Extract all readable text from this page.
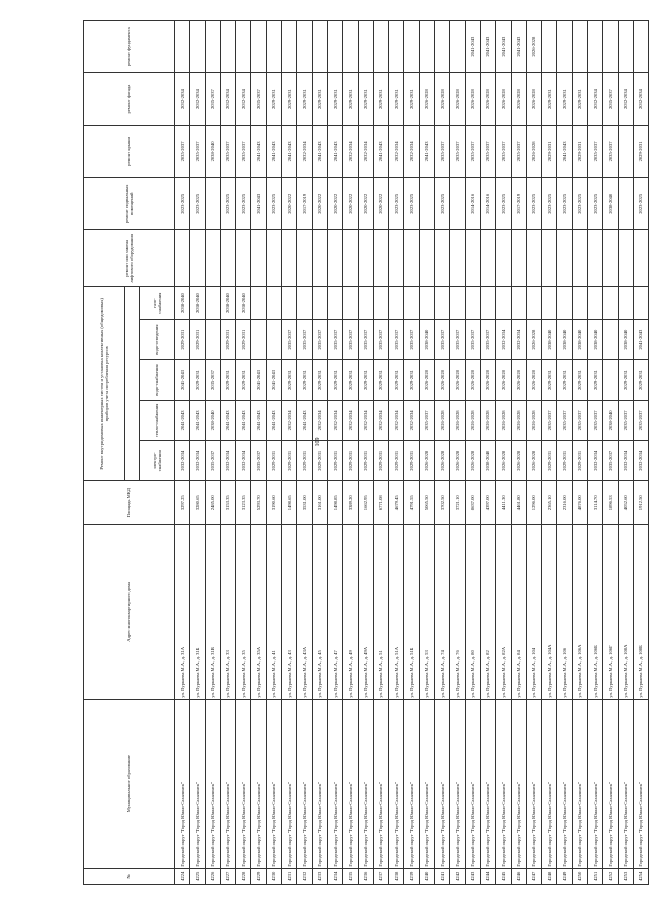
109
№	Муниципальное образование	Адрес многоквартирного дома	Площадь МКД	Ремонт внутридомовых инженерных систем и установка коллективных (общедомовых) приборов учета потребления ресурсов					ремонт или замена лифтового оборудования	ремонт подвальных помещений	ремонт крыши	ремонт фасада	ремонт фундамента

				электро-снабжения	тепло-снабжения	водо-снабжения	водо-отведения	газо-снабжения					
4224	Городской округ "Город Южно-Сахалинск"	ул. Пуркаева М.А., д. 31А	3297.25	2032-2034	2041-2043	2041-2043	2029-2031	2038-2040		2023-2025	2035-2037	2032-2034	
4225	Городской округ "Город Южно-Сахалинск"	ул. Пуркаева М.А., д. 31Б	3280.65	2032-2034	2041-2043	2029-2031	2029-2031	2038-2040		2023-2025	2035-2037	2032-2034	
4226	Городской округ "Город Южно-Сахалинск"	ул. Пуркаева М.А., д. 31В	2485.00	2035-2037	2038-2040	2035-2037					2038-2040	2035-2037	
4227	Городской округ "Город Южно-Сахалинск"	ул. Пуркаева М.А., д. 33	3153.35	2032-2034	2041-2043	2029-2031	2029-2031	2038-2040		2023-2025	2035-2037	2032-2034	
4228	Городской округ "Город Южно-Сахалинск"	ул. Пуркаева М.А., д. 35	3123.35	2032-2034	2041-2043	2029-2031	2029-2031	2038-2040		2023-2025	2035-2037	2032-2034	
4229	Городской округ "Город Южно-Сахалинск"	ул. Пуркаева М.А., д. 35А	5293.70	2035-2037	2041-2043	2041-2043				2041-2043	2041-2043	2035-2037	
4230	Городской округ "Город Южно-Сахалинск"	ул. Пуркаева М.А., д. 41	3190.60	2029-2031	2041-2043	2041-2043				2023-2025	2041-2043	2029-2031	
4231	Городской округ "Город Южно-Сахалинск"	ул. Пуркаева М.А., д. 43	1498.65	2029-2031	2032-2034	2029-2031	2035-2037			2020-2022	2041-2043	2029-2031	
4232	Городской округ "Город Южно-Сахалинск"	ул. Пуркаева М.А., д. 43А	3531.00	2029-2031	2041-2043	2029-2031	2035-2037			2017-2019	2032-2034	2029-2031	
4233	Городской округ "Город Южно-Сахалинск"	ул. Пуркаева М.А., д. 45	3161.00	2029-2031	2032-2034	2029-2031	2035-2037			2020-2022	2041-2043	2029-2031	
4234	Городской округ "Город Южно-Сахалинск"	ул. Пуркаева М.А., д. 47	1498.85	2029-2031	2032-2034	2029-2031	2035-2037			2020-2022	2041-2043	2029-2031	
4235	Городской округ "Город Южно-Сахалинск"	ул. Пуркаева М.А., д. 49	3389.20	2029-2031	2032-2034	2029-2031	2035-2037			2020-2022	2032-2034	2029-2031	
4236	Городской округ "Город Южно-Сахалинск"	ул. Пуркаева М.А., д. 49А	1662.95	2029-2031	2032-2034	2029-2031	2035-2037			2020-2022	2032-2034	2029-2031	
4237	Городской округ "Город Южно-Сахалинск"	ул. Пуркаева М.А., д. 51	6771.08	2029-2031	2032-2034	2029-2031	2035-2037			2020-2022	2041-2043	2029-2031	
4238	Городской округ "Город Южно-Сахалинск"	ул. Пуркаева М.А., д. 51А	4679.45	2029-2031	2032-2034	2029-2031	2035-2037			2023-2025	2032-2034	2029-2031	
4239	Городской округ "Город Южно-Сахалинск"	ул. Пуркаева М.А., д. 51Б	4791.55	2029-2031	2032-2034	2029-2031	2035-2037			2023-2025	2032-2034	2029-2031	
4240	Городской округ "Город Южно-Сахалинск"	ул. Пуркаева М.А., д. 53	5065.50	2026-2028	2035-2037	2026-2028	2038-2040				2041-2043	2026-2028	
4241	Городской округ "Город Южно-Сахалинск"	ул. Пуркаева М.А., д. 74	3702.50	2026-2028	2026-2028	2026-2028	2035-2037			2023-2025	2035-2037	2026-2028	
4242	Городской округ "Город Южно-Сахалинск"	ул. Пуркаева М.А., д. 76	3721.10	2026-2028	2026-2028	2026-2028	2035-2037				2035-2037	2026-2028	
4243	Городской округ "Город Южно-Сахалинск"	ул. Пуркаева М.А., д. 80	8637.00	2026-2028	2026-2028	2026-2028	2035-2037			2014-2016	2035-2037	2026-2028	2041-2043
4244	Городской округ "Город Южно-Сахалинск"	ул. Пуркаева М.А., д. 82	4397.00	2038-2040	2026-2028	2026-2028	2035-2037			2014-2016	2035-2037	2026-2028	2041-2043
4245	Городской округ "Город Южно-Сахалинск"	ул. Пуркаева М.А., д. 82А	4411.30	2026-2028	2026-2028	2026-2028	2032-2034			2023-2025	2035-2037	2026-2028	2041-2043
4246	Городской округ "Город Южно-Сахалинск"	ул. Пуркаева М.А., д. 84	4461.80	2026-2028	2026-2028	2026-2028	2032-2034			2017-2019	2035-2037	2026-2028	2041-2043
4247	Городской округ "Город Южно-Сахалинск"	ул. Пуркаева М.А., д. 104	1296.00	2026-2028	2026-2028	2026-2028	2026-2028			2023-2025	2026-2028	2026-2028	2026-2028
4248	Городской округ "Город Южно-Сахалинск"	ул. Пуркаева М.А., д. 104А	2365.10	2029-2031	2035-2037	2029-2031	2038-2040			2023-2025	2029-2031	2029-2031	
4249	Городской округ "Город Южно-Сахалинск"	ул. Пуркаева М.А., д. 106	2316.00	2029-2031	2035-2037	2029-2031	2038-2040			2023-2025	2041-2043	2029-2031	
4250	Городской округ "Город Южно-Сахалинск"	ул. Пуркаева М.А., д. 106А	4876.00	2029-2031	2035-2037	2029-2031	2038-2040			2023-2025	2029-2031	2029-2031	
4251	Городской округ "Город Южно-Сахалинск"	ул. Пуркаева М.А., д. 106Б	3114.70	2032-2034	2035-2037	2029-2031	2038-2040			2023-2025	2035-2037	2032-2034	
4252	Городской округ "Город Южно-Сахалинск"	ул. Пуркаева М.А., д. 106Г	1896.53	2035-2037	2038-2040					2038-2040	2035-2037	2035-2037	
4253	Городской округ "Город Южно-Сахалинск"	ул. Пуркаева М.А., д. 108А	4052.60	2032-2034	2035-2037	2029-2031	2038-2040					2032-2034	
4254	Городской округ "Город Южно-Сахалинск"	ул. Пуркаева М.А., д. 108Б	1912.50	2032-2034	2035-2037	2029-2031	2041-2043			2023-2025	2029-2031	2032-2034	
